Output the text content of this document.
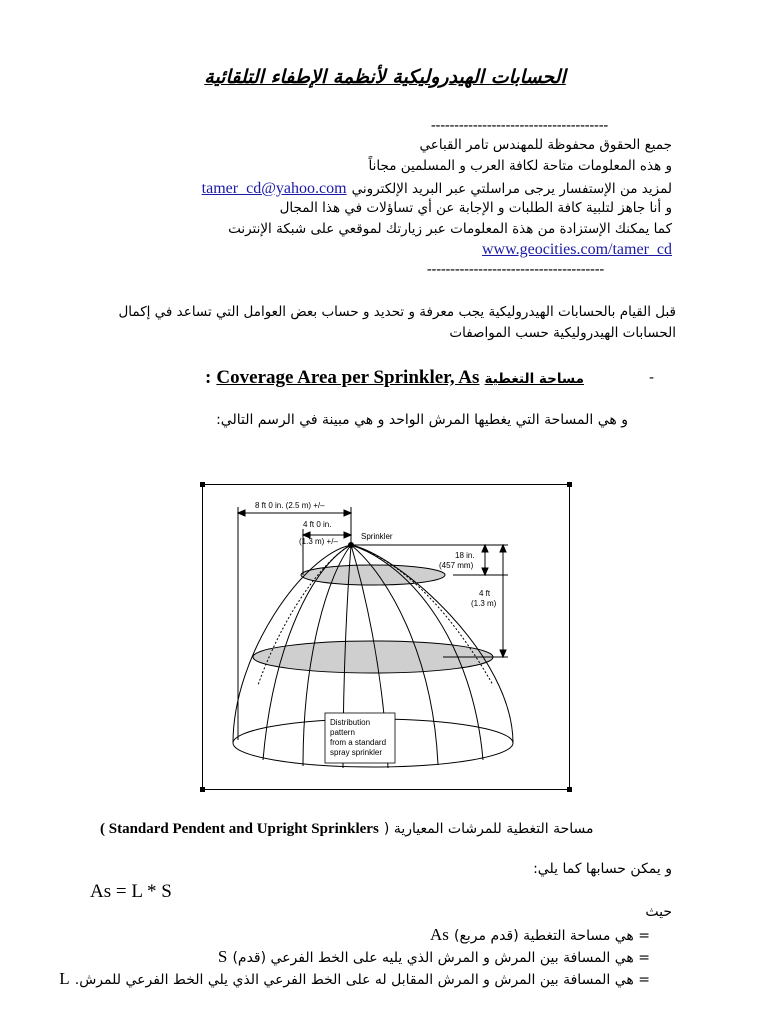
الحسابات الهيدروليكية لأنظمة الإطفاء التلقائية
--------------------------------------
جميع الحقوق محفوظة للمهندس تامر القباعي
و هذه المعلومات متاحة لكافة العرب و المسلمين مجاناً
لمزيد من الإستفسار يرجى مراسلتي عبر البريد الإلكتروني tamer_cd@yahoo.com
و أنا جاهز لتلبية كافة الطلبات و الإجابة عن أي تساؤلات في هذا المجال
كما يمكنك الإستزادة من هذة المعلومات عبر زيارتك لموقعي على شبكة الإنترنت
www.geocities.com/tamer_cd
--------------------------------------
قبل القيام بالحسابات الهيدروليكية يجب معرفة و تحديد و حساب بعض العوامل التي تساعد في إكمال
الحسابات الهيدروليكية حسب المواصفات
: Coverage Area per Sprinkler, As مساحة التغطية	-
و هي المساحة التي يغطيها المرش الواحد و هي مبينة في الرسم التالي:
8 ft 0 in. (2.5 m) +/–
4 ft 0 in.
(1.3 m) +/–
Sprinkler
18 in.
(457 mm)
4 ft
(1.3 m)
Distribution
pattern
from a standard
spray sprinkler
( Standard Pendent and Upright Sprinklers مساحة التغطية للمرشات المعيارية (
و يمكن حسابها كما يلي:
As = L * S
حيث
As = هي مساحة التغطية (قدم مربع)
S = هي المسافة بين المرش و المرش الذي يليه على الخط الفرعي (قدم)
L = هي المسافة بين المرش و المرش المقابل له على الخط الفرعي الذي يلي الخط الفرعي للمرش.
